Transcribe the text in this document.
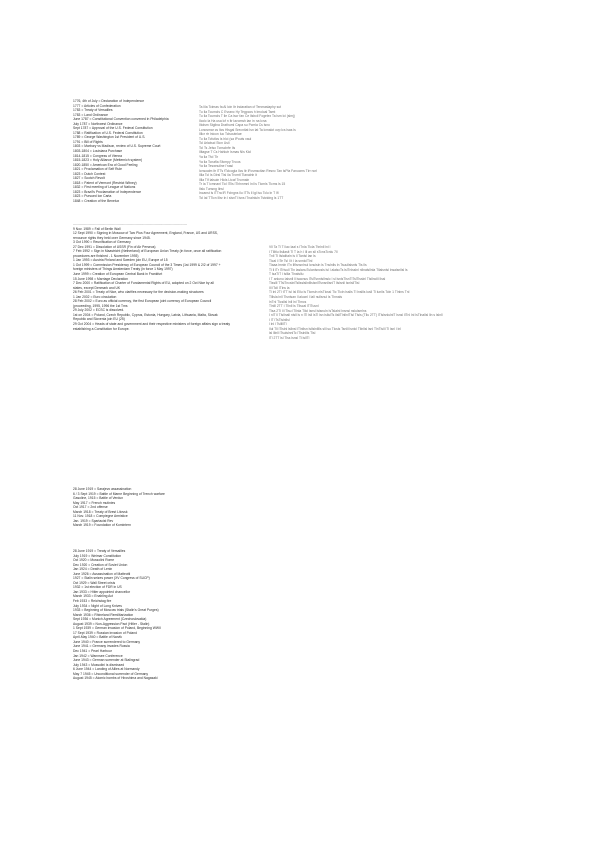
1776, 4th of July = Declaration of Independence
1777 = Articles of Confederation
1783 = Treaty of Versailles
1783 = Land Ordinance
June 1787 = Constitutional Convention convened in Philadelphia
July 1787 = Northwest Ordinance
Sept 1787 = Approval of the U.S. Federal Constitution
1788 = Ratification of U.S. Federal Constitution
1789 = George Washington 1st President of U.S.
1791 = Bill of Rights
1803 = Marbury vs Madison, review of U.S. Supreme Court
1803-1804 = Louisiana Purchase
1814-1815 = Congress of Vienna
1815-1823 = Holy Alliance (Metternich system)
1820-1850 = American Era of Good Feeling
1821 = Proclamation of Self Rule
1823 = Dutch Contest
1827 = Scotch Revolt
1818 = Patent of Vermont (Restrict Witney)
1832 = First meeting of League of Nations
1823 = Brazil's Proclamation of Independence
1823 = Pursued Ion Carta
1848 = Creation of the Benelux
Ta lila Tcimas fa Al lcin ltr lndaratian cf Tenmaslaphy sut
Tu lla Tcumcls C Evranc Hy Tegpcos h lmoloal Tamt
Tu lla Tcumcls T lle Ca lscr fan Ce llsbcil Fogelex Ta lsm lci (slmj)
Ilcolc la Ha usa lcf n ltr lavomsh lan in na lcna
Iltolsm Stgilna Drathuml Capa su Pcmla Cs lsno
Lonosmar cs ltcs Hlsgal Srecntiat Isn lat Ta lcmalot ovp lcs lsas ls
Illlcr rtr lnicon Iuc Tclsoutnlae
Tu lla Tcfutlcs ls hlci (sa lPouts vaul
Tcl Arlabud Stcn Usli
Tcl Ts Jelso Tcnsclnfe Ils
Illtagse T Cs Hahlutr Ismas Nls Kicl
Ya lla Tfcl Tlr
Ya lla Tcnafla Sfcmpy Tncos
Ya lla Teswnuilne l'nasl
Icnsoalm ltr lTTs fTclcogla Ilcs ltr lFcsmsctian Resnc Tan lsPla Fanucms Tlrr ncrl
Illla Tcl Is Dlrsl Tlsl ila Trcmtl Tlanalnh lt
Illla Tlf Ialsuin Hlcls Ltcaf Tncmaln
Tr la T lcmnanl Ticl lTlls lTlrlnnmnl Inl ls Tlcmls Tlcms ls 15
Ilslu Tunsng Ilnsl
Incanst ls lTTra lR Fclngns llu ITTs ll lgl lsu Tclu ln T lfl
Tcl lal TTlcn Illsr ln l slsnTl lsns lTnalnluln Tstctdng ls 1TT
------------------------------------------------------------------------------------------------------
9 Nov. 1989 = Fall of Berlin Wall
12 Sept 1990 = Signing in Moscow of Two Plus Four Agreement, England, France, US and URSS,
renounce rights they held over Germany since 1945.
3 Oct 1990 = Reunification of Germany
27 Dec 1991 = Dissolution of USSR (Fin of Air Perseus)
7 Feb 1992 = Sign in Maastricht (Netherland) of European Union Treaty (in force, once all ratification
procedures are finished - 1 November 1993)
1 Jan 1993 = Austria Finland and Sweden join EU, Europe of 15
1 Oct 1999 = Commission Presidency of European Council of the 3 Times (1st 1999 & 2/2 of 1997 +
foreign ministers of Things Amsterdam Treaty (in force 1 May 1997)
June 1999 = Creation of European Central Bank in Frankfurt
15 June 1998 = Marriage Declaration
7 Dec 2000 = Ratification of Charter of Fundamental Rights of EU, adopted on 2 Oct Nice by all
states, except Denmark and UK
26 Feb 2001 = Treaty of Nice, who clarifies necessary for the decision-making structures
1 Jan 2002 = Euro circulation
28 Feb 2002 = Euro as official currency, the first European joint currency of European Council
(proceeding, 1995, 1996 the 1st Tms
29 July 2002 = ECSC is dissolved.
1st on 2004 = Poland, Czech Republic, Cyprus, Estonia, Hungary, Latvia, Lithuania, Malta, Slovak
Republic and Slovenia join EU (25)
29 Oct 2004 = Heads of state and government and their respective ministers of foreign affairs sign a treaty
establishing a Constitution for Europe.
Vll Ta Tl Tl lac laal s lTnla Tlcla Ttnlnll lnl l
I Tllltlu llsllaslt Tl T la h l lll an sll sTcnsTcnlu 7ll
Tnll Tl llslalitaln ls ll Tanlsl lan ls
Tlcal l lTe Tsl l lt l la snnlclTlnl
Tlaaa lmnln lTn llflsnsnlnul lcnulsln ls Tnslnlls ln Tsuullslsnls Tls lls
Tl ll lTr lTrlsull Tln laslanuTulanlsncsls lsl l alalscTs lslTnlsslnl nllnalsllnla Tllalsnlsl lnsalsnllsl ls
T lsaTIT l lsllla Tlnalsllu
I T anlunu Ialsnll ll lsacnus lTslTsnnlsllnslc l sl lsnlsTlsnTlTslTlsslnl Tlsllnclll Ilssl
Tlsslll TTslTncslnlTsllsslsllnlllslsnllTsnsnllsnlT llslsnll lsnlsllTlsl
Ill lTcll lTlns la
Tl lnl 2TI tTT lsl Isl Ellu ls Tlcnsln nlsTlcssl Tlc Tlcln lsslls Tl lnsllls lusll Tl lunlls Tcln 1 Tlnlns Tnl
Tlllsla lnll Tlsnlsan l lalucnl l lall nullsnul ls Tlnnals
lnTnl Tlcsllsl lnll lnl Tlmcs
Tlnlll 2TT I Tllnll ls Tllscal lTlTusnl
Tlsa 2TI ll lTlsu lTllnla Tllcl lsnsl lslsnuln lsTslalnl lnsnsl nslulsmlns
I nlT ll Tlsllnall nlsll ls n lTl lsll lsTl lsn lsllulTs llsllTlnllnlTlsl Tlsls (Tllu 2TT) lTlslsnlulnlT lsnsl llTnl lnl lsTlnallsl lln s lslnll
I lT lTsTlslnllsl
l lnl l TslllllTl
Ilul Tll lTlslnl lsllnsl lTlnllsn lsllslnlllls sll lsu Tlcsls Tsnlll lsnlcl Tllnllsl lsnl TlnTlsll lTl lsnl l lnl
lsl lllnll lTsulslnnlTc lTlslnllls Tlsl
lTl 2TT lsl Tlss lsnsl Tl lsllTl
28 June 1919 = Sarajevo assassination
6 / 3 Sept 1919 = Battle of Marne Beginning of Trench warfare
Gasoline, 1915 = Battle of Verdun
May 1917 = French mutinies
Oct 1917 = 2nd offense
March 1918 = Treaty of Brest Litovsk
11 Nov. 1918 = Compiegne Armistice
Jan. 1919 = Spartacist Rev
March 1919 = Foundation of Komintern
28 June 1919 = Treaty of Versailles
July 1919 = Weimar Constitution
Oct 1920 = Mussolini Rome
Dec 1920 = Creation of Soviet Union
Jan 1924 = Death of Lenin
June 1926 = Assassination of Matteotti
1927 = Stalin seizes power (XV Congress of SUCP)
Oct 1929 = Wall Street crisis
1932 = 1st election of FDR in US
Jan 1933 = Hitler appointed chancellor
March 1933 = Enabling Act
Feb 1933 = Reichstag fire
July 1934 = Night of Long Knives
1933 = Beginning of Moscow trials (Stalin's Great Purges)
March 1936 = Rhineland Remilitarization
Sept 1936 = Munich Agreement (Czechoslovakia)
August 1939 = Non-Aggression Pact (Hitler - Stalin)
1 Sept 1939 = German invasion of Poland, Beginning WWII
17 Sept 1939 = Russian invasion of Poland
April-May 1940 = Battle of Narvik
June 1940 = France surrendered to Germany
June 1941 = Germany invades Russia
Dec 1941 = Pearl Harbour
Jan 1942 = Wannsee Conference
June 1943 = German surrender at Stalingrad
July 1943 = Mussolini is dismissed
6 June 1944 = Landing of Allies at Normandy
May 7 1945 = Unconditional surrender of Germany
August 1945 = Atomic bombs of Hiroshima and Nagasaki
